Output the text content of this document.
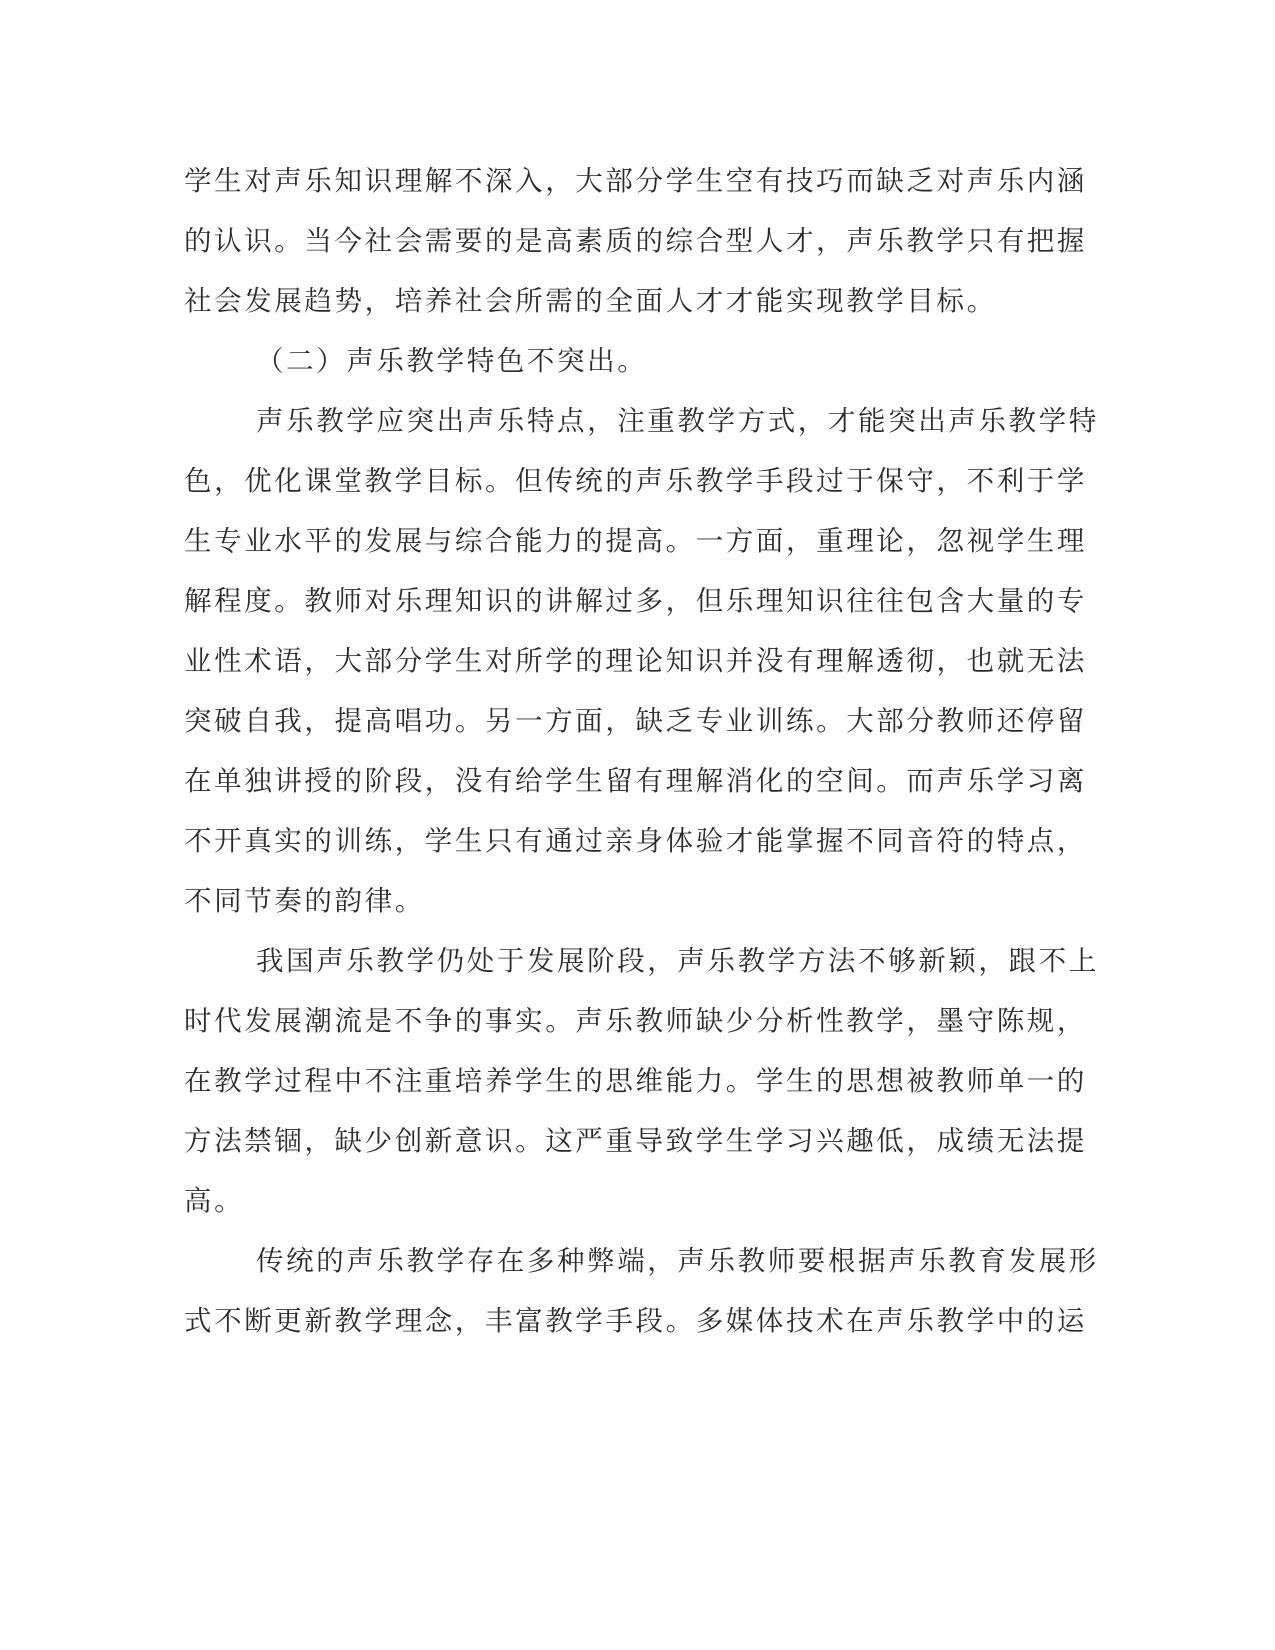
学生对声乐知识理解不深入，大部分学生空有技巧而缺乏对声乐内涵
的认识。当今社会需要的是高素质的综合型人才，声乐教学只有把握
社会发展趋势，培养社会所需的全面人才才能实现教学目标。
（二）声乐教学特色不突出。
声乐教学应突出声乐特点，注重教学方式，才能突出声乐教学特
色，优化课堂教学目标。但传统的声乐教学手段过于保守，不利于学
生专业水平的发展与综合能力的提高。一方面，重理论，忽视学生理
解程度。教师对乐理知识的讲解过多，但乐理知识往往包含大量的专
业性术语，大部分学生对所学的理论知识并没有理解透彻，也就无法
突破自我，提高唱功。另一方面，缺乏专业训练。大部分教师还停留
在单独讲授的阶段，没有给学生留有理解消化的空间。而声乐学习离
不开真实的训练，学生只有通过亲身体验才能掌握不同音符的特点，
不同节奏的韵律。
我国声乐教学仍处于发展阶段，声乐教学方法不够新颖，跟不上
时代发展潮流是不争的事实。声乐教师缺少分析性教学，墨守陈规，
在教学过程中不注重培养学生的思维能力。学生的思想被教师单一的
方法禁锢，缺少创新意识。这严重导致学生学习兴趣低，成绩无法提
高。
传统的声乐教学存在多种弊端，声乐教师要根据声乐教育发展形
式不断更新教学理念，丰富教学手段。多媒体技术在声乐教学中的运
